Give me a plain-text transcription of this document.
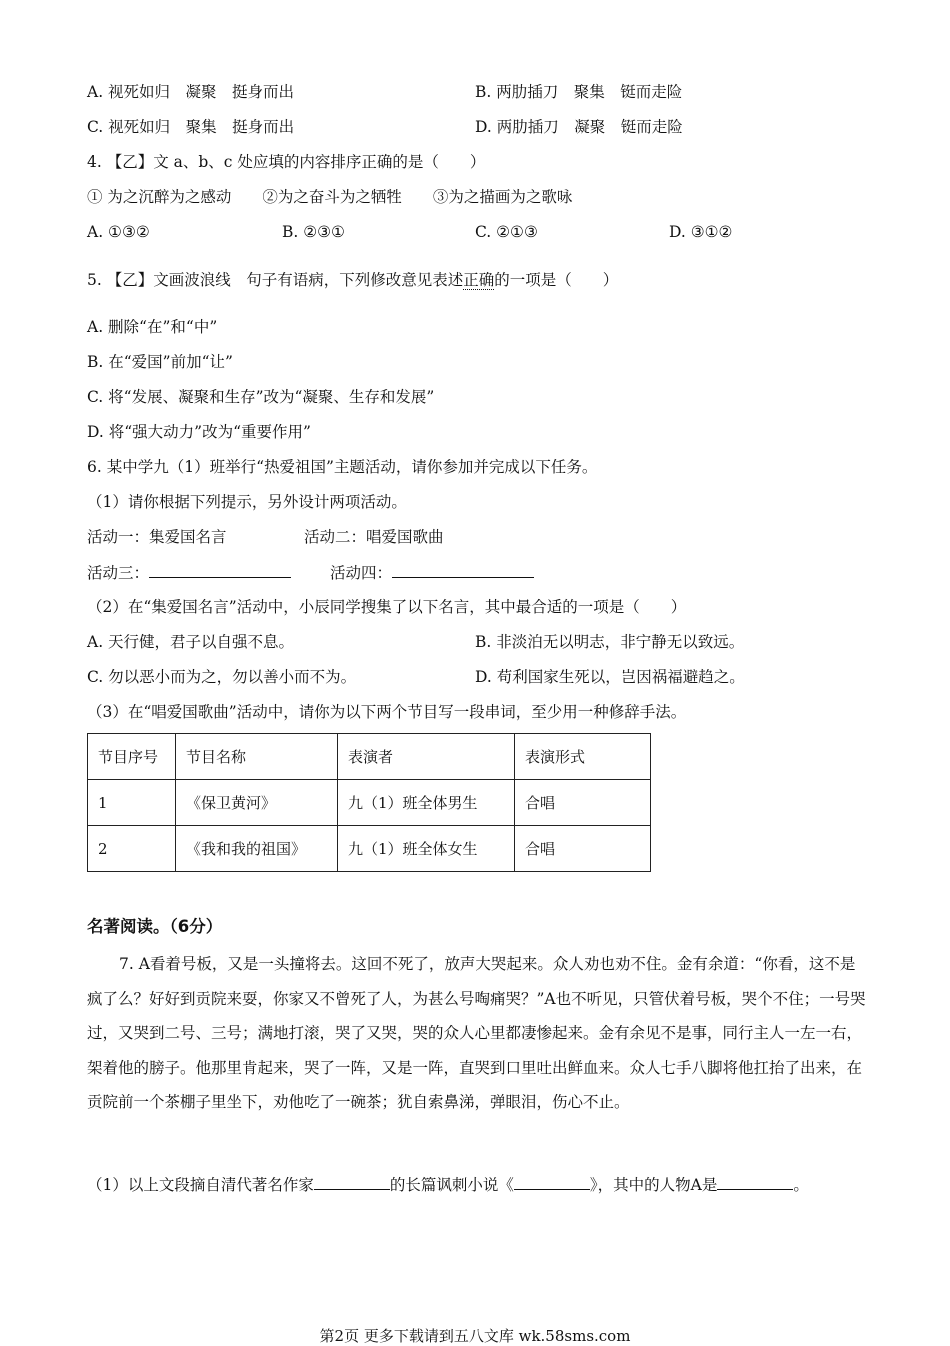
A. 视死如归　凝聚　挺身而出	B. 两肋插刀　聚集　铤而走险
C. 视死如归　聚集　挺身而出	D. 两肋插刀　凝聚　铤而走险
4. 【乙】文 a、b、c 处应填的内容排序正确的是（　　）
① 为之沉醉为之感动　　②为之奋斗为之牺牲　　③为之描画为之歌咏
A. ①③②	B. ②③①	C. ②①③	D. ③①②
5. 【乙】文画波浪线　句子有语病，下列修改意见表述正确的一项是（　　）
A. 删除“在”和“中”
B. 在“爱国”前加“让”
C. 将“发展、凝聚和生存”改为“凝聚、生存和发展”
D. 将“强大动力”改为“重要作用”
6. 某中学九（1）班举行“热爱祖国”主题活动，请你参加并完成以下任务。
（1）请你根据下列提示，另外设计两项活动。
活动一：集爱国名言	活动二：唱爱国歌曲
活动三：	活动四：
（2）在“集爱国名言”活动中，小辰同学搜集了以下名言，其中最合适的一项是（　　）
A. 天行健，君子以自强不息。	B. 非淡泊无以明志，非宁静无以致远。
C. 勿以恶小而为之，勿以善小而不为。	D. 苟利国家生死以，岂因祸福避趋之。
（3）在“唱爱国歌曲”活动中，请你为以下两个节目写一段串词，至少用一种修辞手法。
节目序号	节目名称	表演者	表演形式
1	《保卫黄河》	九（1）班全体男生	合唱
2	《我和我的祖国》	九（1）班全体女生	合唱
名著阅读。（6分）
7. A看着号板，又是一头撞将去。这回不死了，放声大哭起来。众人劝也劝不住。金有余道：“你看，这不是疯了么？好好到贡院来耍，你家又不曾死了人，为甚么号啕痛哭？”A也不听见，只管伏着号板，哭个不住；一号哭过，又哭到二号、三号；满地打滚，哭了又哭，哭的众人心里都凄惨起来。金有余见不是事，同行主人一左一右，架着他的膀子。他那里肯起来，哭了一阵，又是一阵，直哭到口里吐出鲜血来。众人七手八脚将他扛抬了出来，在贡院前一个茶棚子里坐下，劝他吃了一碗茶；犹自索鼻涕，弹眼泪，伤心不止。
（1）以上文段摘自清代著名作家	的长篇讽刺小说《	》，其中的人物A是	。
第2页 更多下载请到五八文库 wk.58sms.com
